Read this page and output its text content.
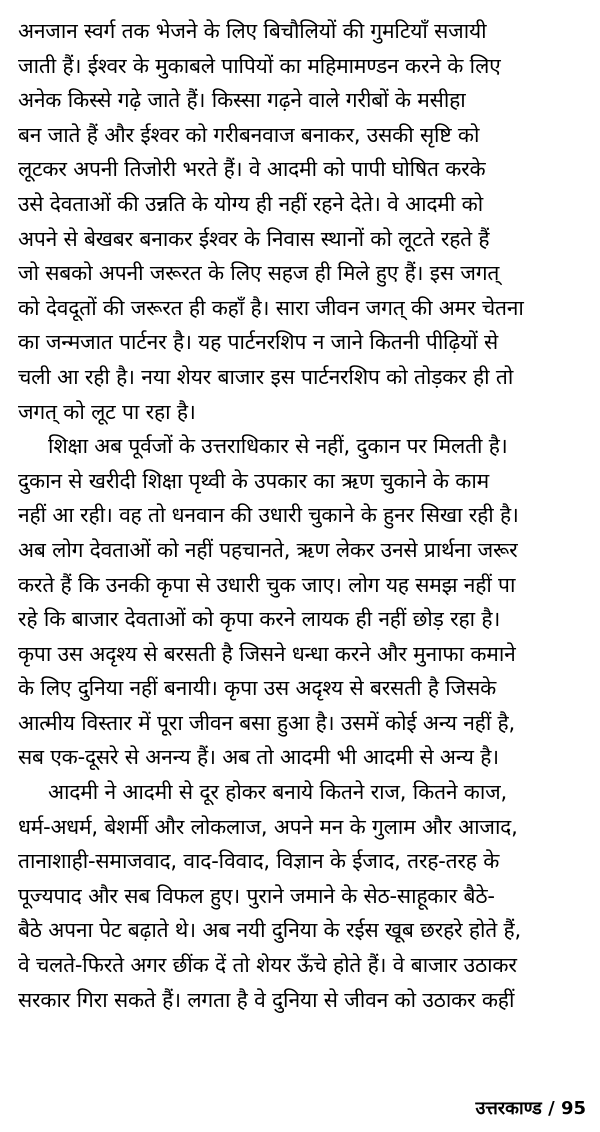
अनजान स्वर्ग तक भेजने के लिए बिचौलियों की गुमटियाँ सजायी
जाती हैं। ईश्वर के मुकाबले पापियों का महिमामण्डन करने के लिए
अनेक किस्से गढ़े जाते हैं। किस्सा गढ़ने वाले गरीबों के मसीहा
बन जाते हैं और ईश्वर को गरीबनवाज बनाकर, उसकी सृष्टि को
लूटकर अपनी तिजोरी भरते हैं। वे आदमी को पापी घोषित करके
उसे देवताओं की उन्नति के योग्य ही नहीं रहने देते। वे आदमी को
अपने से बेखबर बनाकर ईश्वर के निवास स्थानों को लूटते रहते हैं
जो सबको अपनी जरूरत के लिए सहज ही मिले हुए हैं। इस जगत्
को देवदूतों की जरूरत ही कहाँ है। सारा जीवन जगत् की अमर चेतना
का जन्मजात पार्टनर है। यह पार्टनरशिप न जाने कितनी पीढ़ियों से
चली आ रही है। नया शेयर बाजार इस पार्टनरशिप को तोड़कर ही तो
जगत् को लूट पा रहा है।
शिक्षा अब पूर्वजों के उत्तराधिकार से नहीं, दुकान पर मिलती है।
दुकान से खरीदी शिक्षा पृथ्वी के उपकार का ऋण चुकाने के काम
नहीं आ रही। वह तो धनवान की उधारी चुकाने के हुनर सिखा रही है।
अब लोग देवताओं को नहीं पहचानते, ऋण लेकर उनसे प्रार्थना जरूर
करते हैं कि उनकी कृपा से उधारी चुक जाए। लोग यह समझ नहीं पा
रहे कि बाजार देवताओं को कृपा करने लायक ही नहीं छोड़ रहा है।
कृपा उस अदृश्य से बरसती है जिसने धन्धा करने और मुनाफा कमाने
के लिए दुनिया नहीं बनायी। कृपा उस अदृश्य से बरसती है जिसके
आत्मीय विस्तार में पूरा जीवन बसा हुआ है। उसमें कोई अन्य नहीं है,
सब एक-दूसरे से अनन्य हैं। अब तो आदमी भी आदमी से अन्य है।
आदमी ने आदमी से दूर होकर बनाये कितने राज, कितने काज,
धर्म-अधर्म, बेशर्मी और लोकलाज, अपने मन के गुलाम और आजाद,
तानाशाही-समाजवाद, वाद-विवाद, विज्ञान के ईजाद, तरह-तरह के
पूज्यपाद और सब विफल हुए। पुराने जमाने के सेठ-साहूकार बैठे-
बैठे अपना पेट बढ़ाते थे। अब नयी दुनिया के रईस खूब छरहरे होते हैं,
वे चलते-फिरते अगर छींक दें तो शेयर ऊँचे होते हैं। वे बाजार उठाकर
सरकार गिरा सकते हैं। लगता है वे दुनिया से जीवन को उठाकर कहीं
उत्तरकाण्ड / 95
